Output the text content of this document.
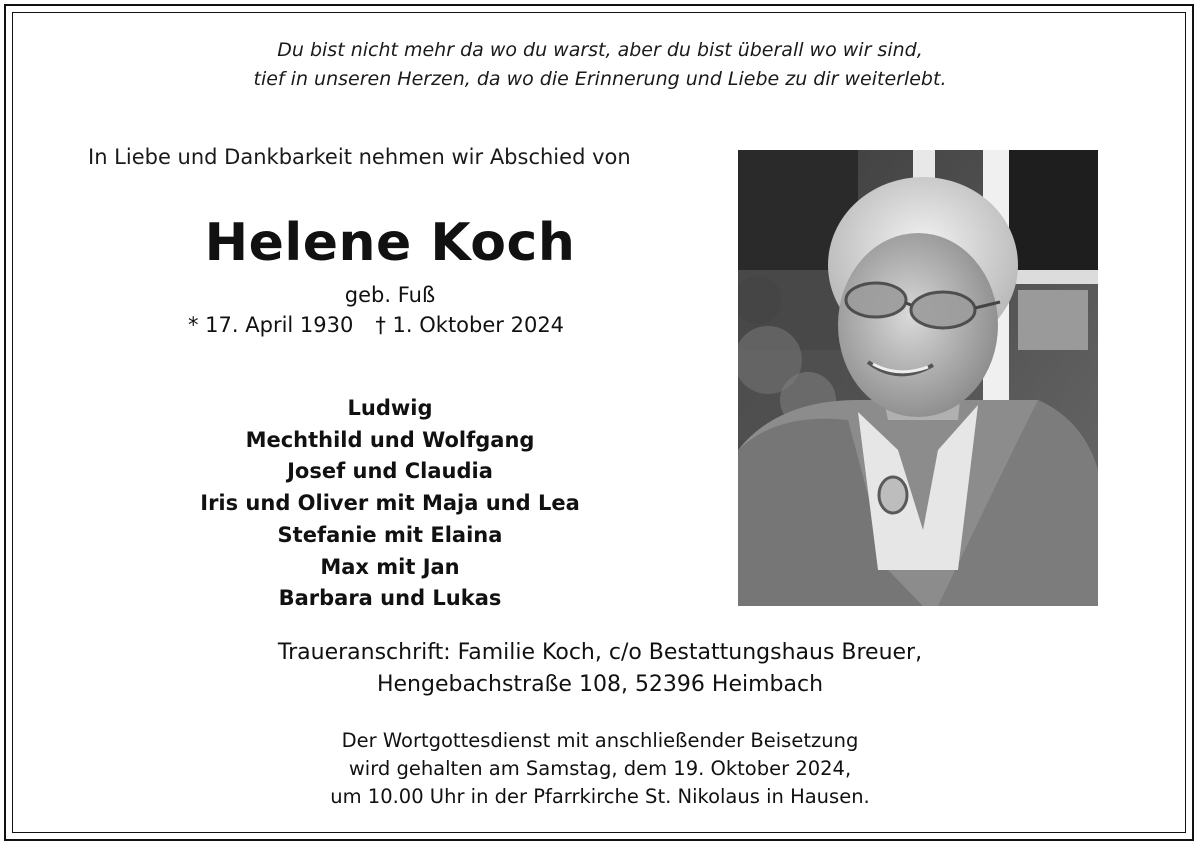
Du bist nicht mehr da wo du warst, aber du bist überall wo wir sind,
tief in unseren Herzen, da wo die Erinnerung und Liebe zu dir weiterlebt.
In Liebe und Dankbarkeit nehmen wir Abschied von
Helene Koch
geb. Fuß
* 17. April 1930 † 1. Oktober 2024
Ludwig
Mechthild und Wolfgang
Josef und Claudia
Iris und Oliver mit Maja und Lea
Stefanie mit Elaina
Max mit Jan
Barbara und Lukas
Traueranschrift: Familie Koch, c/o Bestattungshaus Breuer,
Hengebachstraße 108, 52396 Heimbach
Der Wortgottesdienst mit anschließender Beisetzung
wird gehalten am Samstag, dem 19. Oktober 2024,
um 10.00 Uhr in der Pfarrkirche St. Nikolaus in Hausen.
